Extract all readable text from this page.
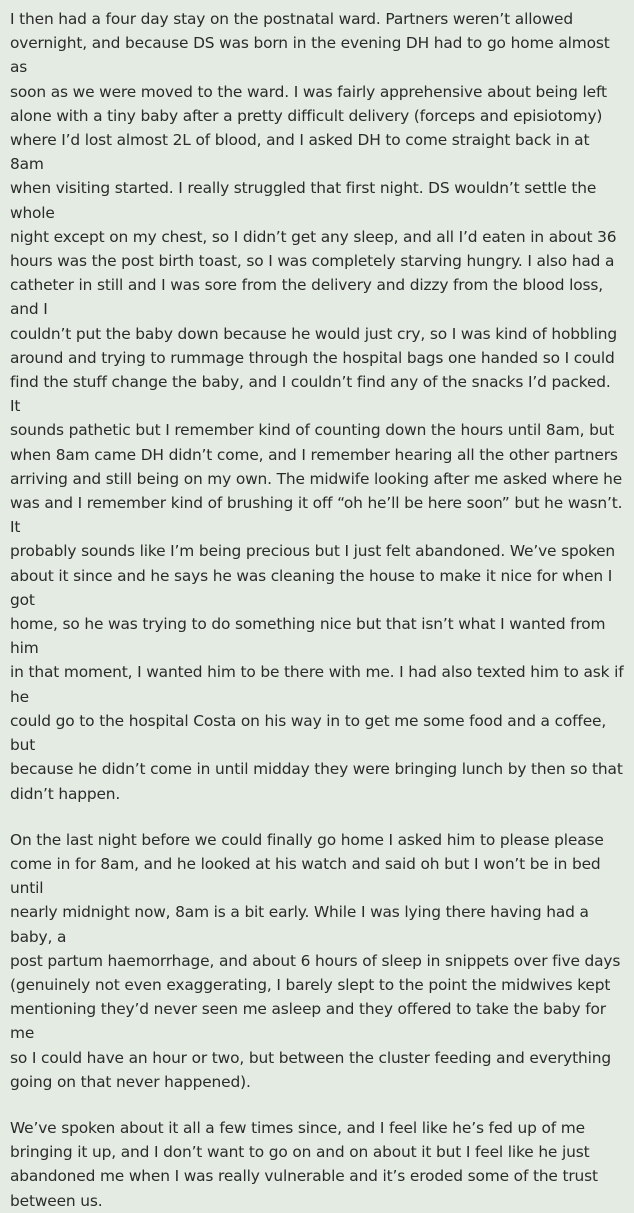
I then had a four day stay on the postnatal ward. Partners weren’t allowed
overnight, and because DS was born in the evening DH had to go home almost as
soon as we were moved to the ward. I was fairly apprehensive about being left
alone with a tiny baby after a pretty difficult delivery (forceps and episiotomy)
where I’d lost almost 2L of blood, and I asked DH to come straight back in at 8am
when visiting started. I really struggled that first night. DS wouldn’t settle the whole
night except on my chest, so I didn’t get any sleep, and all I’d eaten in about 36
hours was the post birth toast, so I was completely starving hungry. I also had a
catheter in still and I was sore from the delivery and dizzy from the blood loss, and I
couldn’t put the baby down because he would just cry, so I was kind of hobbling
around and trying to rummage through the hospital bags one handed so I could
find the stuff change the baby, and I couldn’t find any of the snacks I’d packed. It
sounds pathetic but I remember kind of counting down the hours until 8am, but
when 8am came DH didn’t come, and I remember hearing all the other partners
arriving and still being on my own. The midwife looking after me asked where he
was and I remember kind of brushing it off “oh he’ll be here soon” but he wasn’t. It
probably sounds like I’m being precious but I just felt abandoned. We’ve spoken
about it since and he says he was cleaning the house to make it nice for when I got
home, so he was trying to do something nice but that isn’t what I wanted from him
in that moment, I wanted him to be there with me. I had also texted him to ask if he
could go to the hospital Costa on his way in to get me some food and a coffee, but
because he didn’t come in until midday they were bringing lunch by then so that
didn’t happen.

On the last night before we could finally go home I asked him to please please
come in for 8am, and he looked at his watch and said oh but I won’t be in bed until
nearly midnight now, 8am is a bit early. While I was lying there having had a baby, a
post partum haemorrhage, and about 6 hours of sleep in snippets over five days
(genuinely not even exaggerating, I barely slept to the point the midwives kept
mentioning they’d never seen me asleep and they offered to take the baby for me
so I could have an hour or two, but between the cluster feeding and everything
going on that never happened).

We’ve spoken about it all a few times since, and I feel like he’s fed up of me
bringing it up, and I don’t want to go on and on about it but I feel like he just
abandoned me when I was really vulnerable and it’s eroded some of the trust
between us.
